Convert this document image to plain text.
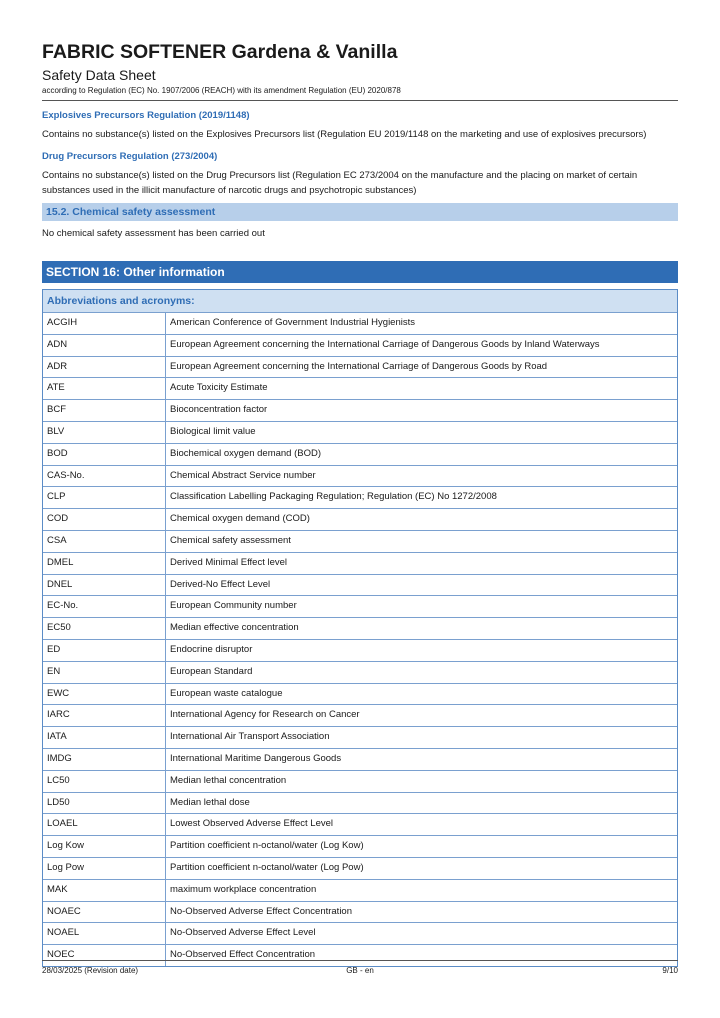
FABRIC SOFTENER Gardena & Vanilla
Safety Data Sheet
according to Regulation (EC) No. 1907/2006 (REACH) with its amendment Regulation (EU) 2020/878
Explosives Precursors Regulation (2019/1148)
Contains no substance(s) listed on the Explosives Precursors list (Regulation EU 2019/1148 on the marketing and use of explosives precursors)
Drug Precursors Regulation (273/2004)
Contains no substance(s) listed on the Drug Precursors list (Regulation EC 273/2004 on the manufacture and the placing on market of certain substances used in the illicit manufacture of narcotic drugs and psychotropic substances)
15.2. Chemical safety assessment
No chemical safety assessment has been carried out
SECTION 16: Other information
Abbreviations and acronyms:
ACGIH	American Conference of Government Industrial Hygienists
ADN	European Agreement concerning the International Carriage of Dangerous Goods by Inland Waterways
ADR	European Agreement concerning the International Carriage of Dangerous Goods by Road
ATE	Acute Toxicity Estimate
BCF	Bioconcentration factor
BLV	Biological limit value
BOD	Biochemical oxygen demand (BOD)
CAS-No.	Chemical Abstract Service number
CLP	Classification Labelling Packaging Regulation; Regulation (EC) No 1272/2008
COD	Chemical oxygen demand (COD)
CSA	Chemical safety assessment
DMEL	Derived Minimal Effect level
DNEL	Derived-No Effect Level
EC-No.	European Community number
EC50	Median effective concentration
ED	Endocrine disruptor
EN	European Standard
EWC	European waste catalogue
IARC	International Agency for Research on Cancer
IATA	International Air Transport Association
IMDG	International Maritime Dangerous Goods
LC50	Median lethal concentration
LD50	Median lethal dose
LOAEL	Lowest Observed Adverse Effect Level
Log Kow	Partition coefficient n-octanol/water (Log Kow)
Log Pow	Partition coefficient n-octanol/water (Log Pow)
MAK	maximum workplace concentration
NOAEC	No-Observed Adverse Effect Concentration
NOAEL	No-Observed Adverse Effect Level
NOEC	No-Observed Effect Concentration
28/03/2025 (Revision date)	GB - en	9/10
